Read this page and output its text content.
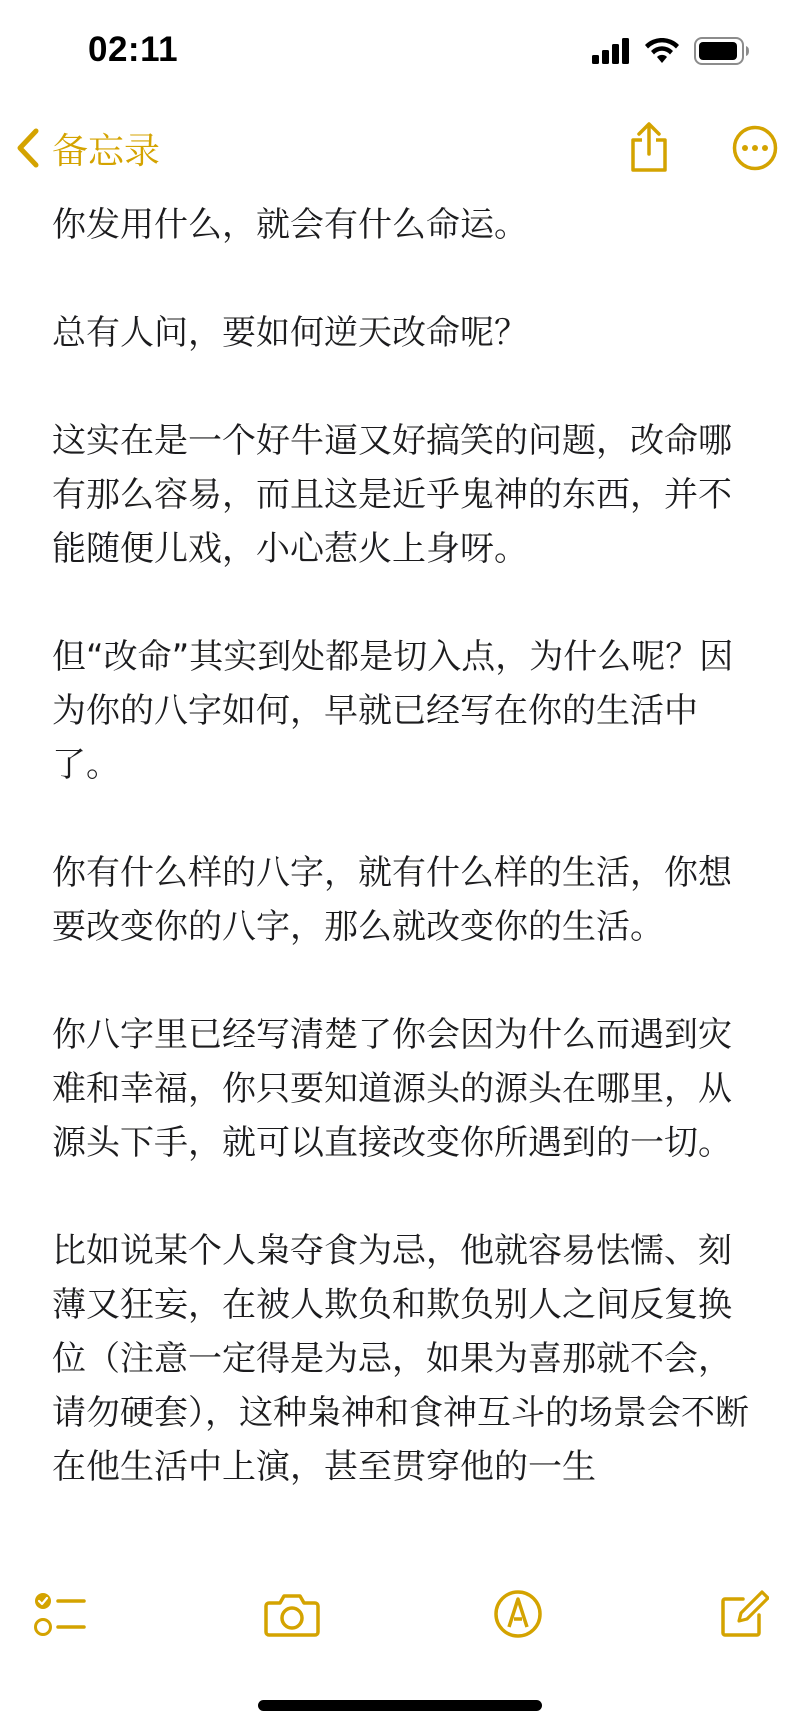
02:11
备忘录
你发用什么，就会有什么命运。
总有人问，要如何逆天改命呢？
这实在是一个好牛逼又好搞笑的问题，改命哪有那么容易，而且这是近乎鬼神的东西，并不能随便儿戏，小心惹火上身呀。
但“改命”其实到处都是切入点，为什么呢？因为你的八字如何，早就已经写在你的生活中了。
你有什么样的八字，就有什么样的生活，你想要改变你的八字，那么就改变你的生活。
你八字里已经写清楚了你会因为什么而遇到灾难和幸福，你只要知道源头的源头在哪里，从源头下手，就可以直接改变你所遇到的一切。
比如说某个人枭夺食为忌，他就容易怯懦、刻薄又狂妄，在被人欺负和欺负别人之间反复换位（注意一定得是为忌，如果为喜那就不会，请勿硬套），这种枭神和食神互斗的场景会不断在他生活中上演，甚至贯穿他的一生
